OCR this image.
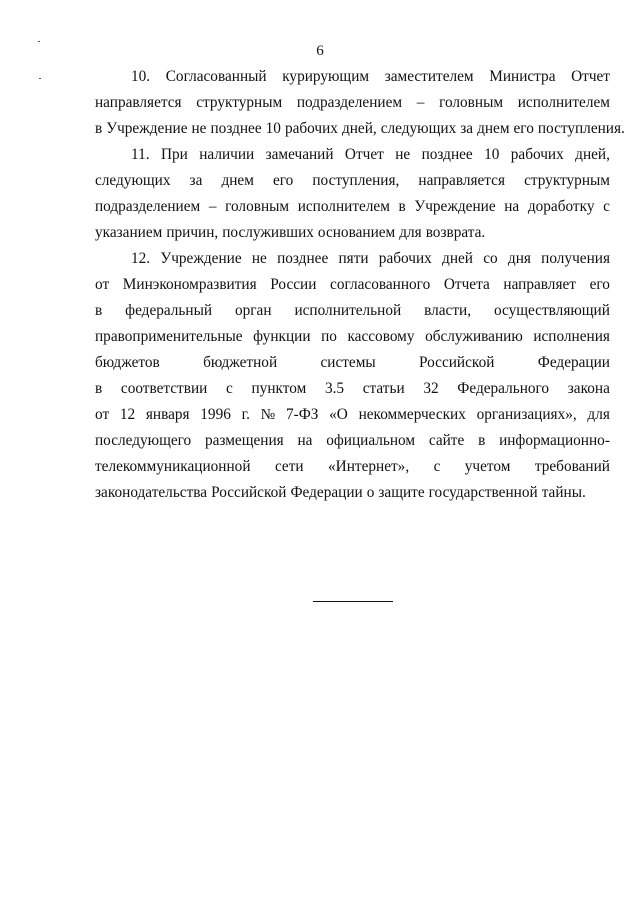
6
10. Согласованный курирующим заместителем Министра Отчет
направляется структурным подразделением – головным исполнителем
в Учреждение не позднее 10 рабочих дней, следующих за днем его поступления.
11. При наличии замечаний Отчет не позднее 10 рабочих дней,
следующих за днем его поступления, направляется структурным
подразделением – головным исполнителем в Учреждение на доработку с
указанием причин, послуживших основанием для возврата.
12. Учреждение не позднее пяти рабочих дней со дня получения
от Минэкономразвития России согласованного Отчета направляет его
в федеральный орган исполнительной власти, осуществляющий
правоприменительные функции по кассовому обслуживанию исполнения
бюджетов	бюджетной	системы	Российской	Федерации
в соответствии с пунктом 3.5 статьи 32 Федерального закона
от 12 января 1996 г. № 7-ФЗ «О некоммерческих организациях», для
последующего размещения на официальном сайте в информационно-
телекоммуникационной сети «Интернет», с учетом требований
законодательства Российской Федерации о защите государственной тайны.
